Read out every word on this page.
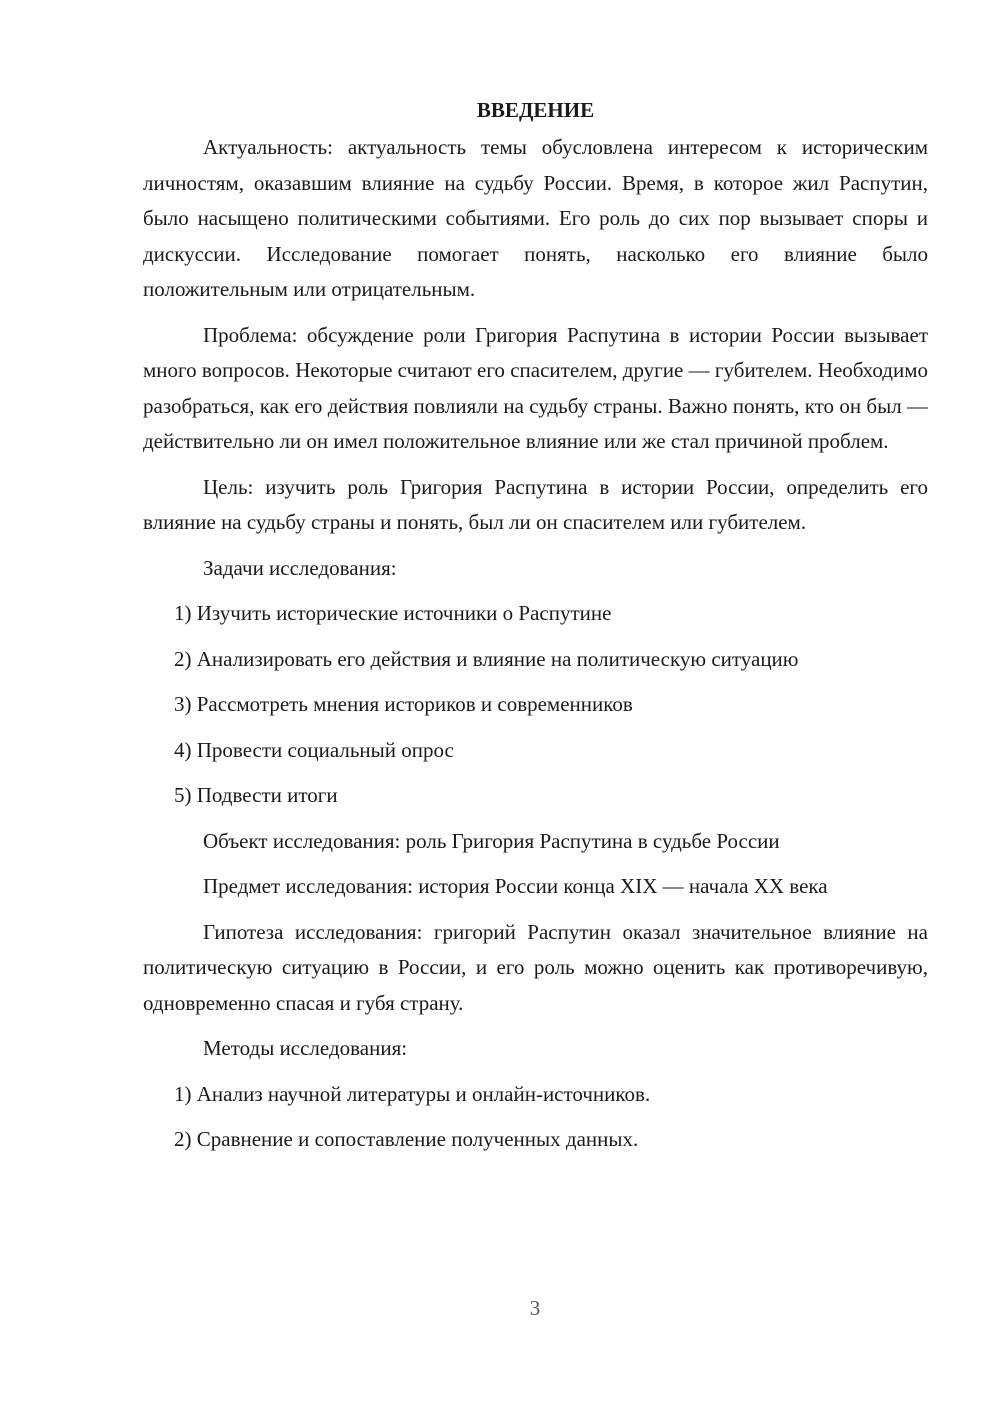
ВВЕДЕНИЕ

Актуальность: актуальность темы обусловлена интересом к историческим личностям, оказавшим влияние на судьбу России. Время, в которое жил Распутин, было насыщено политическими событиями. Его роль до сих пор вызывает споры и дискуссии. Исследование помогает понять, насколько его влияние было положительным или отрицательным.

Проблема: обсуждение роли Григория Распутина в истории России вызывает много вопросов. Некоторые считают его спасителем, другие — губителем. Необходимо разобраться, как его действия повлияли на судьбу страны. Важно понять, кто он был — действительно ли он имел положительное влияние или же стал причиной проблем.

Цель: изучить роль Григория Распутина в истории России, определить его влияние на судьбу страны и понять, был ли он спасителем или губителем.

Задачи исследования:
1) Изучить исторические источники о Распутине
2) Анализировать его действия и влияние на политическую ситуацию
3) Рассмотреть мнения историков и современников
4) Провести социальный опрос
5) Подвести итоги
Объект исследования: роль Григория Распутина в судьбе России

Предмет исследования: история России конца XIX — начала XX века

Гипотеза исследования: григорий Распутин оказал значительное влияние на политическую ситуацию в России, и его роль можно оценить как противоречивую, одновременно спасая и губя страну.

Методы исследования:
1) Анализ научной литературы и онлайн-источников.
2) Сравнение и сопоставление полученных данных.
3
